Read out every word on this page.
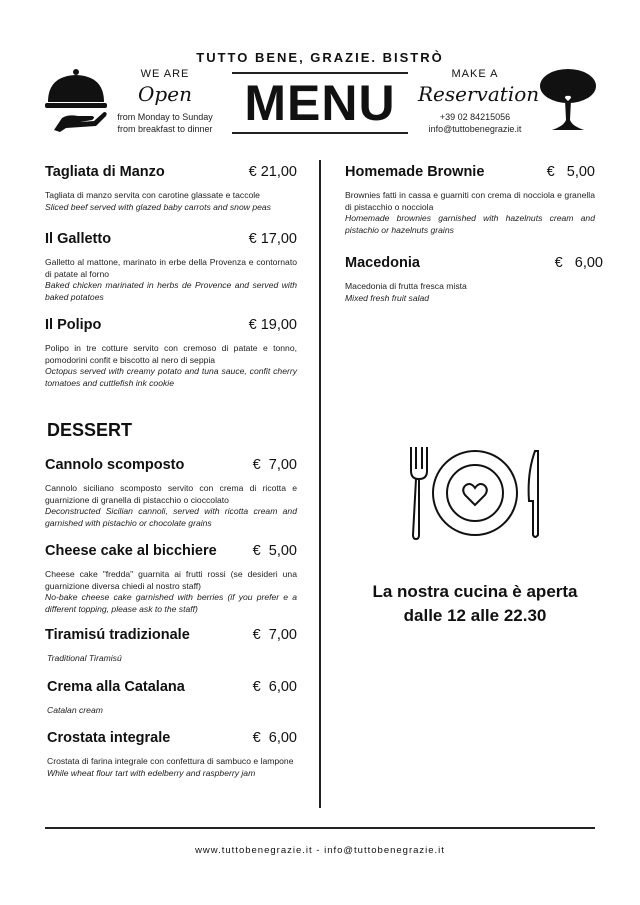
TUTTO BENE, GRAZIE. BISTRÒ
WE ARE
Open
from Monday to Sunday
from breakfast to dinner MENU
MAKE A
Reservation
+39 02 84215056
info@tuttobenegrazie.it
Tagliata di Manzo	€ 21,00
Tagliata di manzo servita con carotine glassate e taccole
Sliced beef served with glazed baby carrots and snow peas
Il Galletto	€ 17,00
Galletto al mattone, marinato in erbe della Provenza e contornato di patate al forno
Baked chicken marinated in herbs de Provence and served with baked potatoes
Il Polipo	€ 19,00
Polipo in tre cotture servito con cremoso di patate e tonno, pomodorini confit e biscotto al nero di seppia
Octopus served with creamy potato and tuna sauce, confit cherry tomatoes and cuttlefish ink cookie
DESSERT
Cannolo scomposto	€  7,00
Cannolo siciliano scomposto servito con crema di ricotta e guarnizione di granella di pistacchio o cioccolato
Deconstructed Sicilian cannoli, served with ricotta cream and garnished with pistachio or chocolate grains
Cheese cake al bicchiere €  5,00
Cheese cake "fredda" guarnita ai frutti rossi (se desideri una guarnizione diversa chiedi al nostro staff)
No-bake cheese cake garnished with berries (if you prefer e a different topping, please ask to the staff)
Tiramisú tradizionale	€  7,00
Traditional Tiramisú
Crema alla Catalana	€  6,00
Catalan cream
Crostata integrale	€  6,00
Crostata di farina integrale con confettura di sambuco e lampone
While wheat flour tart with edelberry and raspberry jam
Homemade Brownie	€   5,00
Brownies fatti in cassa e guarniti con crema di nocciola e granella di pistacchio o nocciola
Homemade brownies garnished with hazelnuts cream and pistachio or hazelnuts grains
Macedonia	€   6,00
Macedonia di frutta fresca mista
Mixed fresh fruit salad
La nostra cucina è aperta
dalle 12 alle 22.30
www.tuttobenegrazie.it - info@tuttobenegrazie.it
